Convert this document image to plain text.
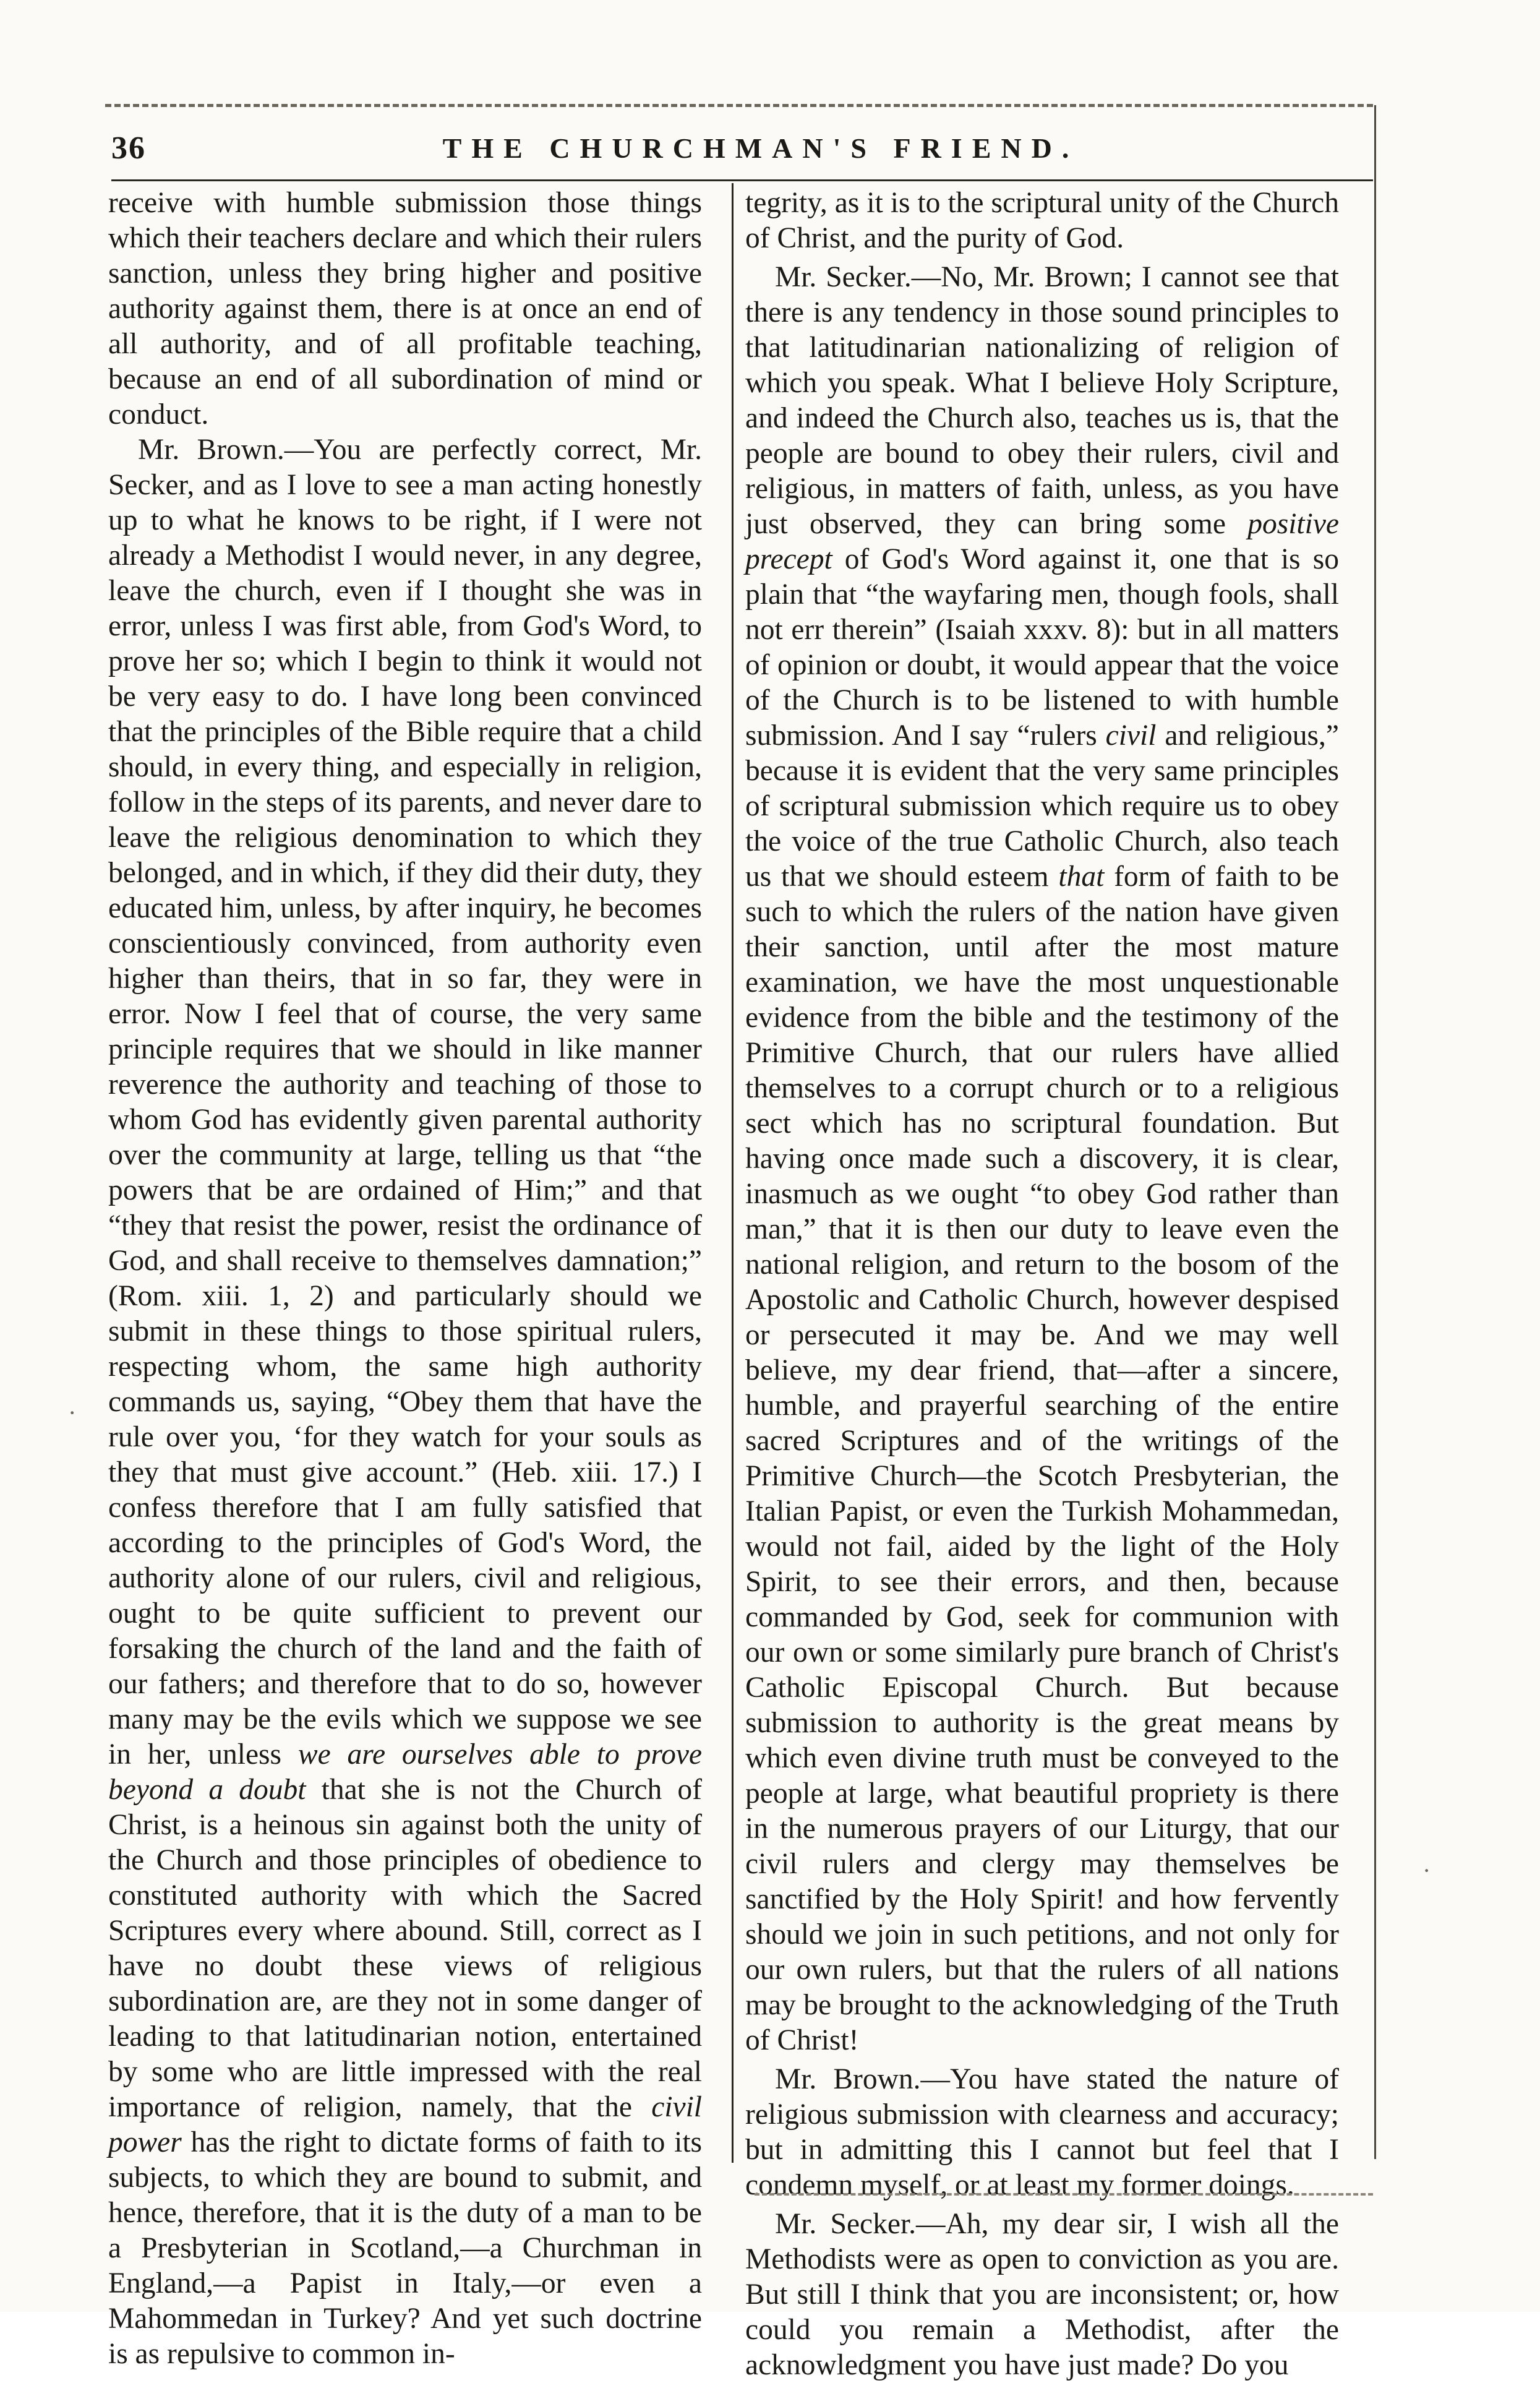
36	THE CHURCHMAN'S FRIEND.

receive with humble submission those things which their teachers declare and which their rulers sanction, unless they bring higher and positive authority against them, there is at once an end of all authority, and of all profitable teaching, because an end of all subordination of mind or conduct.

Mr. Brown.—You are perfectly correct, Mr. Secker, and as I love to see a man acting honestly up to what he knows to be right, if I were not already a Methodist I would never, in any degree, leave the church, even if I thought she was in error, unless I was first able, from God's Word, to prove her so; which I begin to think it would not be very easy to do. I have long been convinced that the principles of the Bible require that a child should, in every thing, and especially in religion, follow in the steps of its parents, and never dare to leave the religious denomination to which they belonged, and in which, if they did their duty, they educated him, unless, by after inquiry, he becomes conscientiously convinced, from authority even higher than theirs, that in so far, they were in error. Now I feel that of course, the very same principle requires that we should in like manner reverence the authority and teaching of those to whom God has evidently given parental authority over the community at large, telling us that “the powers that be are ordained of Him;” and that “they that resist the power, resist the ordinance of God, and shall receive to themselves damnation;” (Rom. xiii. 1, 2) and particularly should we submit in these things to those spiritual rulers, respecting whom, the same high authority commands us, saying, “Obey them that have the rule over you, ‘for they watch for your souls as they that must give account.” (Heb. xiii. 17.) I confess therefore that I am fully satisfied that according to the principles of God's Word, the authority alone of our rulers, civil and religious, ought to be quite sufficient to prevent our forsaking the church of the land and the faith of our fathers; and therefore that to do so, however many may be the evils which we suppose we see in her, unless we are ourselves able to prove beyond a doubt that she is not the Church of Christ, is a heinous sin against both the unity of the Church and those principles of obedience to constituted authority with which the Sacred Scriptures every where abound. Still, correct as I have no doubt these views of religious subordination are, are they not in some danger of leading to that latitudinarian notion, entertained by some who are little impressed with the real importance of religion, namely, that the civil power has the right to dictate forms of faith to its subjects, to which they are bound to submit, and hence, therefore, that it is the duty of a man to be a Presbyterian in Scotland,—a Churchman in England,—a Papist in Italy,—or even a Mahommedan in Turkey? And yet such doctrine is as repulsive to common in-

tegrity, as it is to the scriptural unity of the Church of Christ, and the purity of God.

Mr. Secker.—No, Mr. Brown; I cannot see that there is any tendency in those sound principles to that latitudinarian nationalizing of religion of which you speak. What I believe Holy Scripture, and indeed the Church also, teaches us is, that the people are bound to obey their rulers, civil and religious, in matters of faith, unless, as you have just observed, they can bring some positive precept of God's Word against it, one that is so plain that “the wayfaring men, though fools, shall not err therein” (Isaiah xxxv. 8): but in all matters of opinion or doubt, it would appear that the voice of the Church is to be listened to with humble submission. And I say “rulers civil and religious,” because it is evident that the very same principles of scriptural submission which require us to obey the voice of the true Catholic Church, also teach us that we should esteem that form of faith to be such to which the rulers of the nation have given their sanction, until after the most mature examination, we have the most unquestionable evidence from the bible and the testimony of the Primitive Church, that our rulers have allied themselves to a corrupt church or to a religious sect which has no scriptural foundation. But having once made such a discovery, it is clear, inasmuch as we ought “to obey God rather than man,” that it is then our duty to leave even the national religion, and return to the bosom of the Apostolic and Catholic Church, however despised or persecuted it may be. And we may well believe, my dear friend, that—after a sincere, humble, and prayerful searching of the entire sacred Scriptures and of the writings of the Primitive Church—the Scotch Presbyterian, the Italian Papist, or even the Turkish Mohammedan, would not fail, aided by the light of the Holy Spirit, to see their errors, and then, because commanded by God, seek for communion with our own or some similarly pure branch of Christ's Catholic Episcopal Church. But because submission to authority is the great means by which even divine truth must be conveyed to the people at large, what beautiful propriety is there in the numerous prayers of our Liturgy, that our civil rulers and clergy may themselves be sanctified by the Holy Spirit! and how fervently should we join in such petitions, and not only for our own rulers, but that the rulers of all nations may be brought to the acknowledging of the Truth of Christ!

Mr. Brown.—You have stated the nature of religious submission with clearness and accuracy; but in admitting this I cannot but feel that I condemn myself, or at least my former doings.

Mr. Secker.—Ah, my dear sir, I wish all the Methodists were as open to conviction as you are. But still I think that you are inconsistent; or, how could you remain a Methodist, after the acknowledgment you have just made? Do you

·
·
